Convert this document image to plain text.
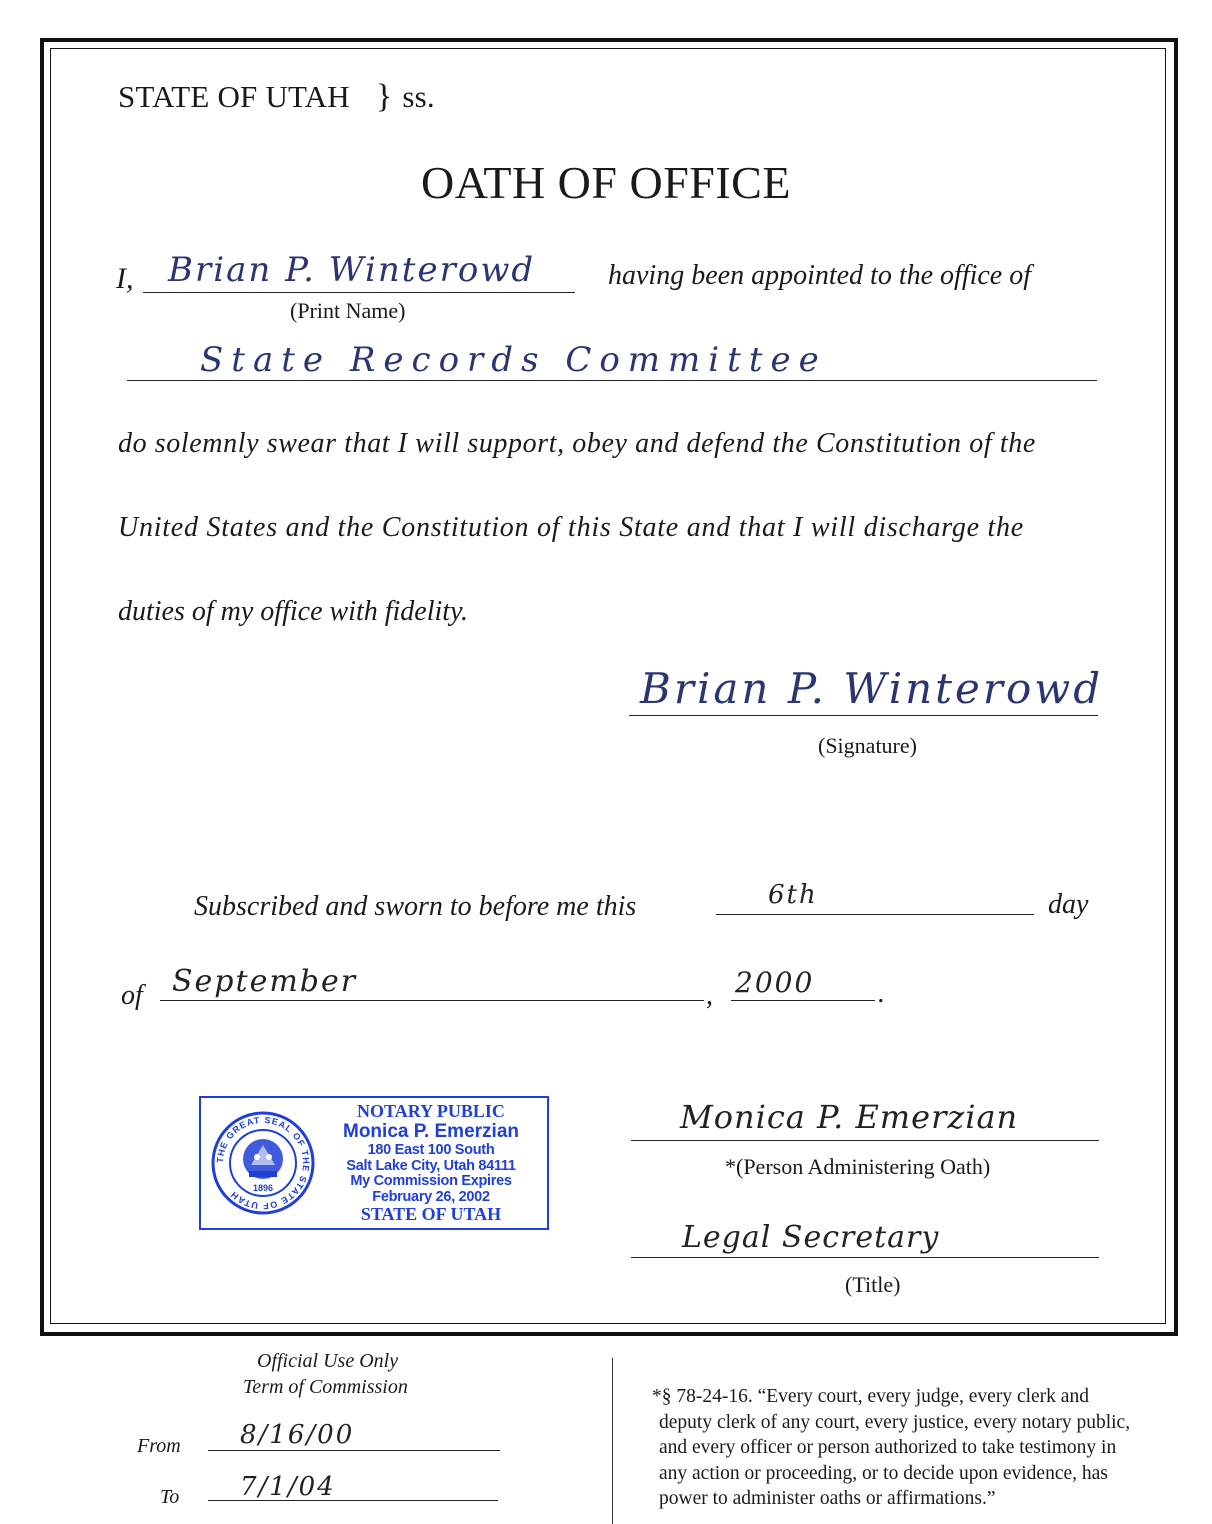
STATE OF UTAH } ss.
OATH OF OFFICE
I, Brian P. Winterowd
(Print Name)
having been appointed to the office of
State Records Committee
do solemnly swear that I will support, obey and defend the Constitution of the
United States and the Constitution of this State and that I will discharge the
duties of my office with fidelity.
Brian P. Winterowd
(Signature)
Subscribed and sworn to before me this	6th	day
of September	, 2000 .
THE GREAT SEAL OF THE STATE OF UTAH
1896
NOTARY PUBLIC
Monica P. Emerzian
180 East 100 South
Salt Lake City, Utah 84111
My Commission Expires
February 26, 2002
STATE OF UTAH
Monica P. Emerzian
*(Person Administering Oath)
Legal Secretary
(Title)
Official Use Only
Term of Commission
From 8/16/00
To 7/1/04
*§ 78-24-16. “Every court, every judge, every clerk and
deputy clerk of any court, every justice, every notary public,
and every officer or person authorized to take testimony in
any action or proceeding, or to decide upon evidence, has
power to administer oaths or affirmations.”
